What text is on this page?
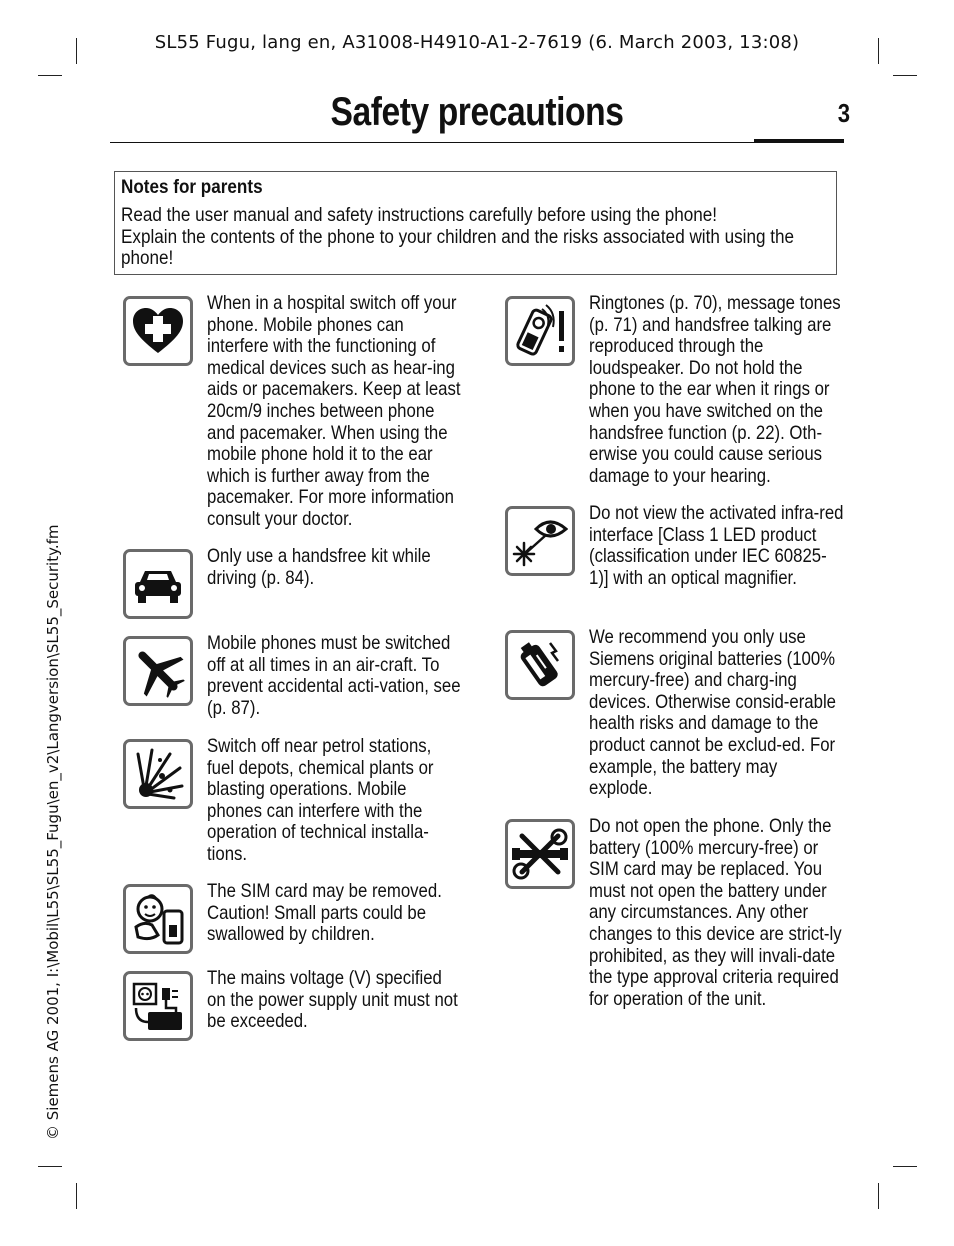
SL55 Fugu, lang en, A31008-H4910-A1-2-7619 (6. March 2003, 13:08)
© Siemens AG 2001, I:\Mobil\L55\SL55_Fugu\en_v2\Langversion\SL55_Security.fm
Safety precautions	3
Notes for parents
Read the user manual and safety instructions carefully before using the phone!
Explain the contents of the phone to your children and the risks associated with using the phone!
When in a hospital switch off your phone. Mobile phones can interfere with the functioning of medical devices such as hear-ing aids or pacemakers. Keep at least 20cm/9 inches between phone and pacemaker. When using the mobile phone hold it to the ear which is further away from the pacemaker. For more information consult your doctor.
Only use a handsfree kit while driving (p. 84).
Mobile phones must be switched off at all times in an air-craft. To prevent accidental acti-vation, see (p. 87).
Switch off near petrol stations, fuel depots, chemical plants or blasting operations. Mobile phones can interfere with the operation of technical installa-tions.
The SIM card may be removed. Caution! Small parts could be swallowed by children.
The mains voltage (V) specified on the power supply unit must not be exceeded.
Ringtones (p. 70), message tones (p. 71) and handsfree talking are reproduced through the loudspeaker. Do not hold the phone to the ear when it rings or when you have switched on the handsfree function (p. 22). Oth-erwise you could cause serious damage to your hearing.
Do not view the activated infra-red interface [Class 1 LED product (classification under IEC 60825-1)] with an optical magnifier.
We recommend you only use Siemens original batteries (100% mercury-free) and charg-ing devices. Otherwise consid-erable health risks and damage to the product cannot be exclud-ed. For example, the battery may explode.
Do not open the phone. Only the battery (100% mercury-free) or SIM card may be replaced. You must not open the battery under any circumstances. Any other changes to this device are strict-ly prohibited, as they will invali-date the type approval criteria required for operation of the unit.
